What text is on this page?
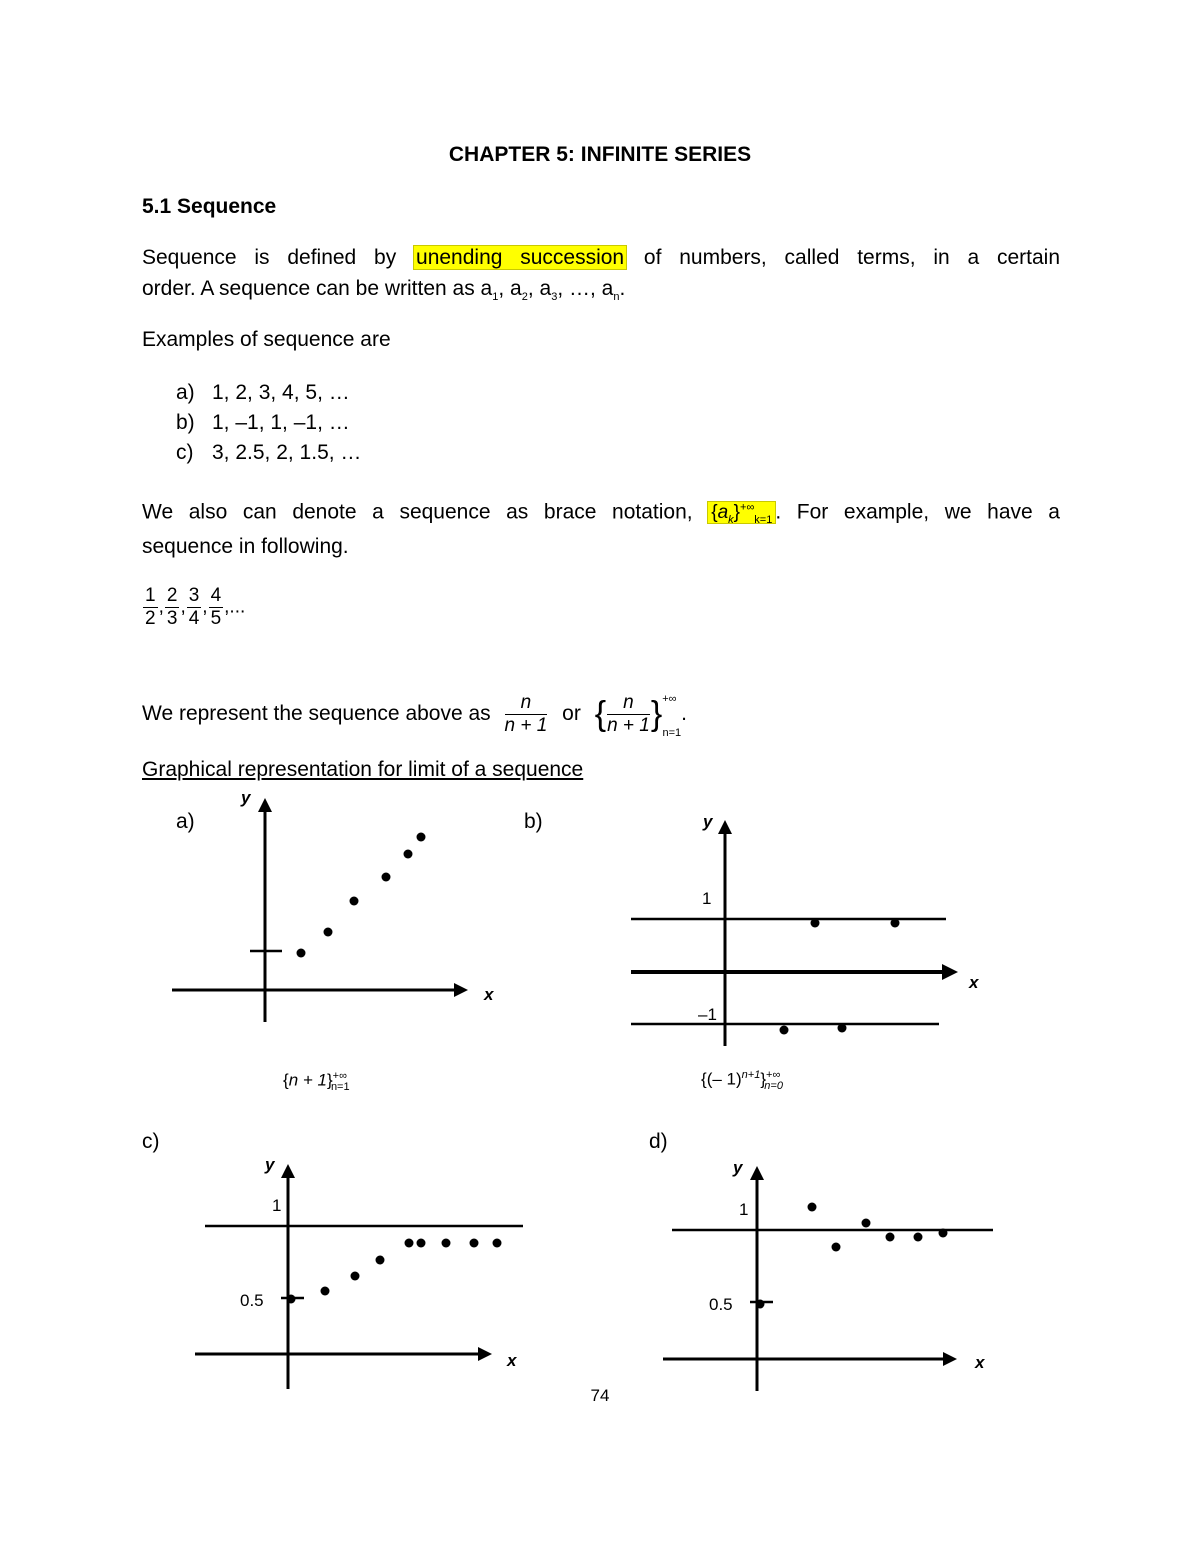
CHAPTER 5: INFINITE SERIES
5.1 Sequence
Sequence is defined by unending succession of numbers, called terms, in a certain
order. A sequence can be written as $a_1$, $a_2$, $a_3$, …, $a_n$.
Examples of sequence are
a) 1, 2, 3, 4, 5, …
b) 1, –1, 1, –1, …
c) 3, 2.5, 2, 1.5, …
We also can denote a sequence as brace notation, $\{a_k\}^{+\infty}_{k=1}$ . For example, we have a
sequence in following.
$\frac{1}{2}$ , $\frac{2}{3}$ , $\frac{3}{4}$ , $\frac{4}{5}$ ,...
We represent the sequence above as $\frac{n}{n + 1}$ or { $\frac{n}{n + 1} \}^{+\infty}_{n=1}$.
Graphical representation for limit of a sequence
a)
y
x
$\{n + 1\}^{+\infty}_{n=1}$
b)	y
x
1
–1
{(– $1)^{n+1}\}^{+\infty}_{n=0}$
c)
y
x
1
0.5
d)
y
x
1
0.5
74
